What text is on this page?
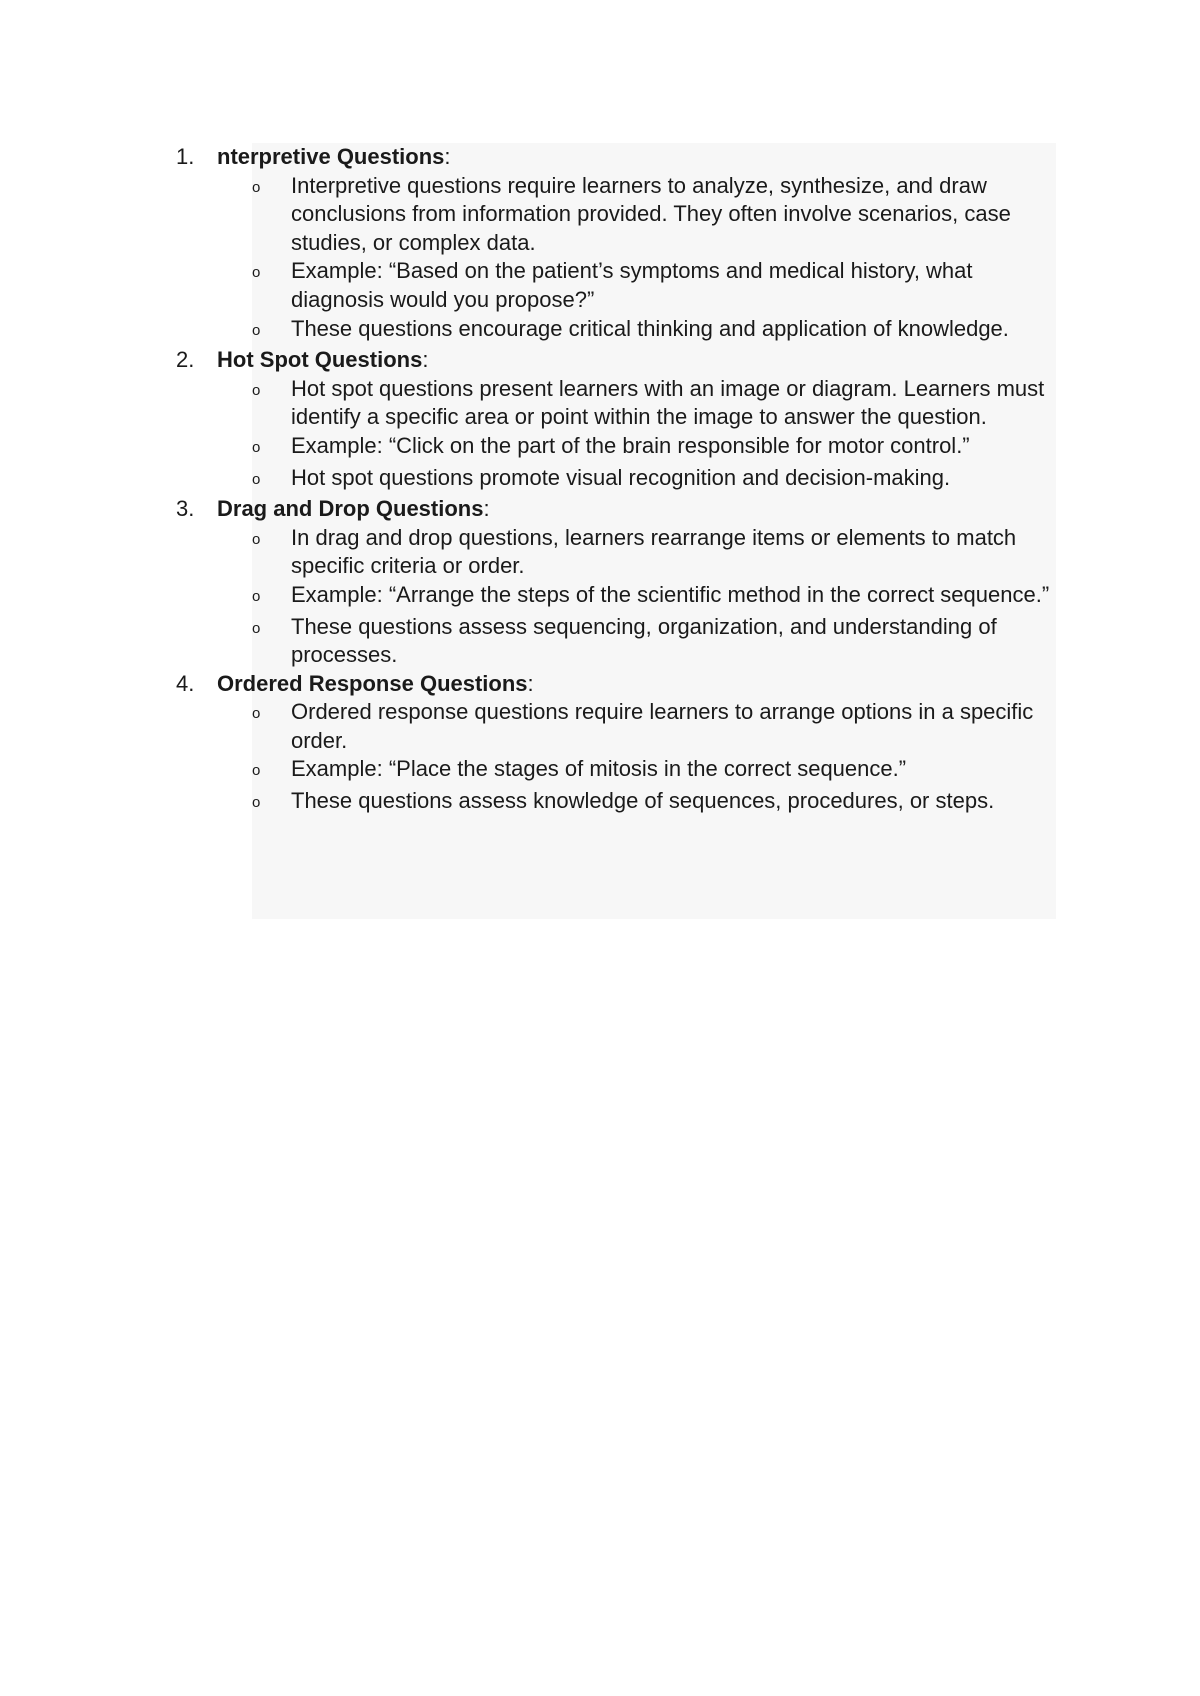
1.	nterpretive Questions:
o	Interpretive questions require learners to analyze, synthesize, and draw conclusions from information provided. They often involve scenarios, case studies, or complex data.
o	Example: “Based on the patient’s symptoms and medical history, what diagnosis would you propose?”
o	These questions encourage critical thinking and application of knowledge.
2.	Hot Spot Questions:
o	Hot spot questions present learners with an image or diagram. Learners must identify a specific area or point within the image to answer the question.
o	Example: “Click on the part of the brain responsible for motor control.”
o	Hot spot questions promote visual recognition and decision-making.
3.	Drag and Drop Questions:
o	In drag and drop questions, learners rearrange items or elements to match specific criteria or order.
o	Example: “Arrange the steps of the scientific method in the correct sequence.”
o	These questions assess sequencing, organization, and understanding of processes.
4.	Ordered Response Questions:
o	Ordered response questions require learners to arrange options in a specific order.
o	Example: “Place the stages of mitosis in the correct sequence.”
o	These questions assess knowledge of sequences, procedures, or steps.
